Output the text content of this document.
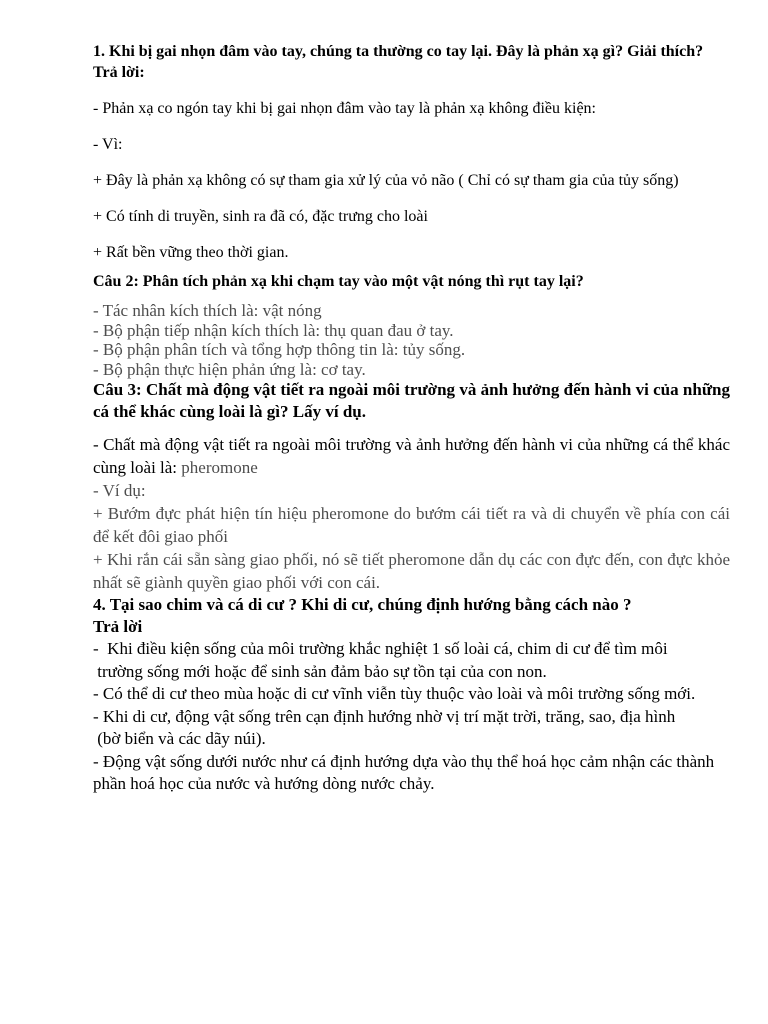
1. Khi bị gai nhọn đâm vào tay, chúng ta thường co tay lại. Đây là phản xạ gì? Giải thích?

Trả lời:

- Phản xạ co ngón tay khi bị gai nhọn đâm vào tay là phản xạ không điều kiện:

- Vì:

+ Đây là phản xạ không có sự tham gia xử lý của vỏ não ( Chỉ có sự tham gia của tủy sống)

+ Có tính di truyền, sinh ra đã có, đặc trưng cho loài

+ Rất bền vững theo thời gian.

Câu 2: Phân tích phản xạ khi chạm tay vào một vật nóng thì rụt tay lại?

- Tác nhân kích thích là: vật nóng

- Bộ phận tiếp nhận kích thích là: thụ quan đau ở tay.

- Bộ phận phân tích và tổng hợp thông tin là: tủy sống.

- Bộ phận thực hiện phản ứng là: cơ tay.

Câu 3: Chất mà động vật tiết ra ngoài môi trường và ảnh hưởng đến hành vi của những cá thể khác cùng loài là gì? Lấy ví dụ.

- Chất mà động vật tiết ra ngoài môi trường và ảnh hưởng đến hành vi của những cá thể khác cùng loài là: pheromone

- Ví dụ:

+ Bướm đực phát hiện tín hiệu pheromone do bướm cái tiết ra và di chuyển về phía con cái để kết đôi giao phối

+ Khi rắn cái sẵn sàng giao phối, nó sẽ tiết pheromone dẫn dụ các con đực đến, con đực khỏe nhất sẽ giành quyền giao phối với con cái.

4. Tại sao chim và cá di cư ? Khi di cư, chúng định hướng bằng cách nào ?

Trả lời

-  Khi điều kiện sống của môi trường khắc nghiệt 1 số loài cá, chim di cư để tìm môi

trường sống mới hoặc để sinh sản đảm bảo sự tồn tại của con non.

- Có thể di cư theo mùa hoặc di cư vĩnh viễn tùy thuộc vào loài và môi trường sống mới.

- Khi di cư, động vật sống trên cạn định hướng nhờ vị trí mặt trời, trăng, sao, địa hình

(bờ biển và các dãy núi).

- Động vật sống dưới nước như cá định hướng dựa vào thụ thể hoá học cảm nhận các thành phần hoá học của nước và hướng dòng nước chảy.
